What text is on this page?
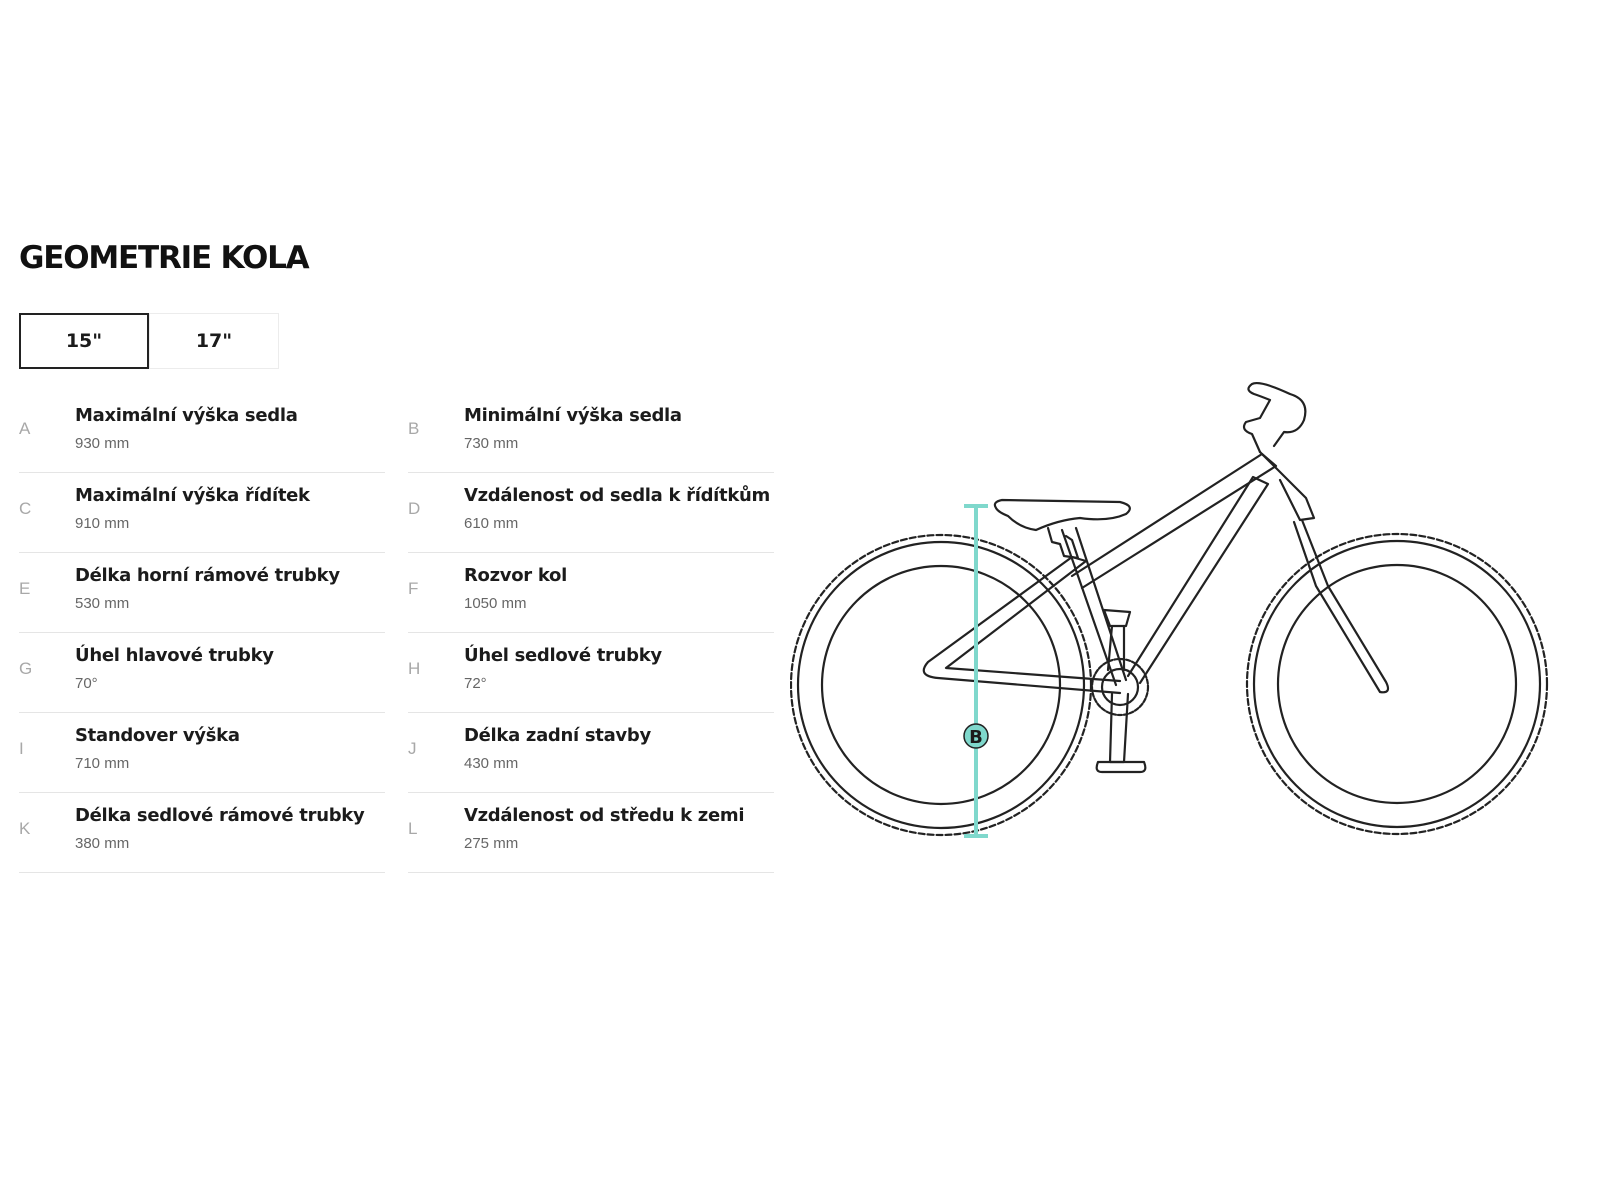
GEOMETRIE KOLA
15"	17"
A
Maximální výška sedla
930 mm
C
Maximální výška řídítek
910 mm
E
Délka horní rámové trubky
530 mm
G
Úhel hlavové trubky
70°
I
Standover výška
710 mm
K
Délka sedlové rámové trubky
380 mm
B
Minimální výška sedla
730 mm
D
Vzdálenost od sedla k řídítkům
610 mm
F
Rozvor kol
1050 mm
H
Úhel sedlové trubky
72°
J
Délka zadní stavby
430 mm
L
Vzdálenost od středu k zemi
275 mm
B
